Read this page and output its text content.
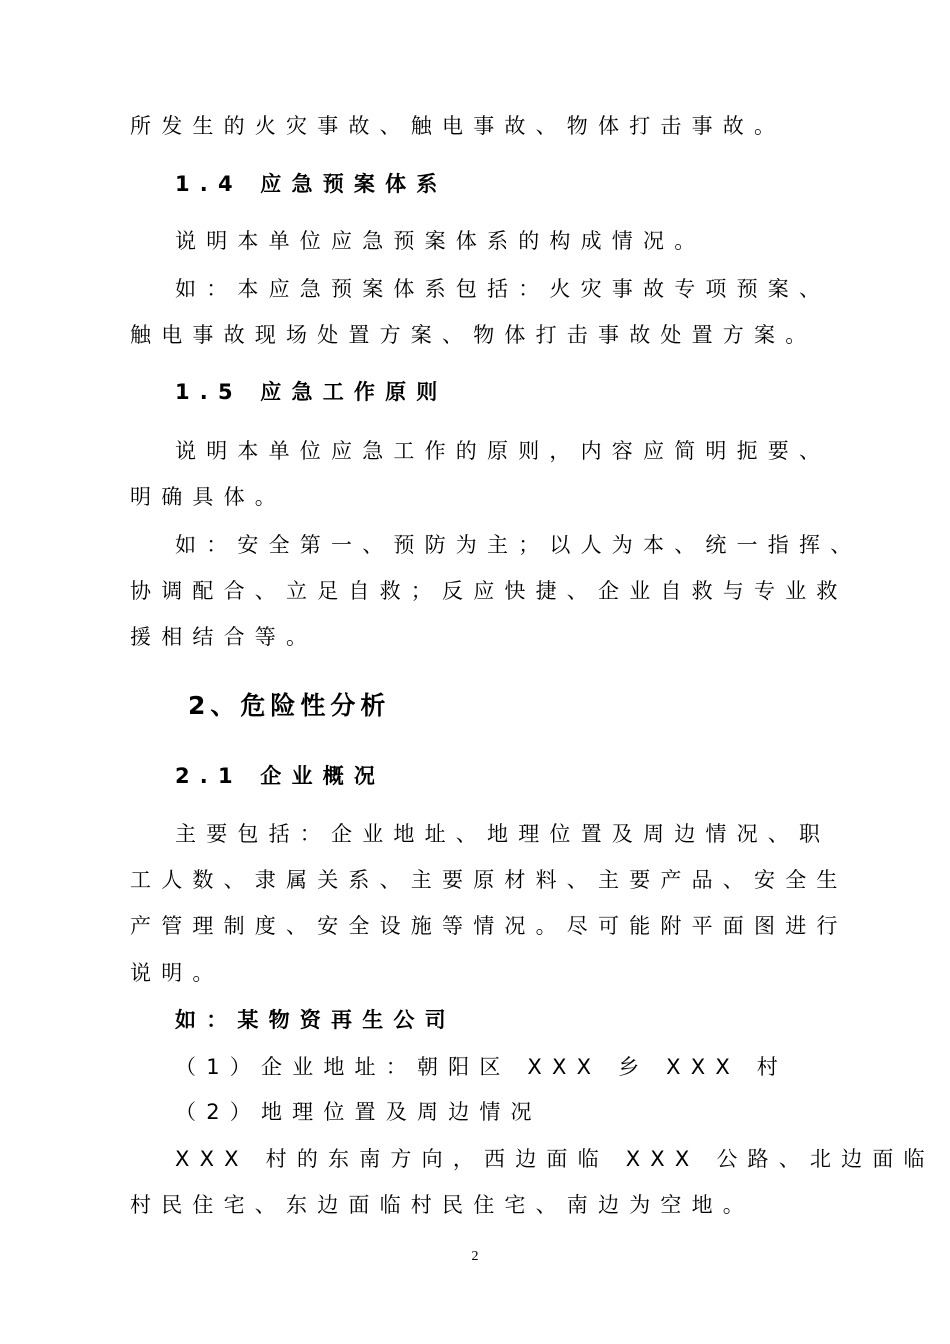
所发生的火灾事故、触电事故、物体打击事故。
1.4 应急预案体系
说明本单位应急预案体系的构成情况。
如：本应急预案体系包括：火灾事故专项预案、
触电事故现场处置方案、物体打击事故处置方案。
1.5 应急工作原则
说明本单位应急工作的原则，内容应简明扼要、
明确具体。
如：安全第一、预防为主；以人为本、统一指挥、
协调配合、立足自救；反应快捷、企业自救与专业救
援相结合等。
2、危险性分析
2.1 企业概况
主要包括：企业地址、地理位置及周边情况、职
工人数、隶属关系、主要原材料、主要产品、安全生
产管理制度、安全设施等情况。尽可能附平面图进行
说明。
如：某物资再生公司
（1）企业地址：朝阳区 XXX 乡 XXX 村
（2）地理位置及周边情况
XXX 村的东南方向，西边面临 XXX 公路、北边面临
村民住宅、东边面临村民住宅、南边为空地。
2
